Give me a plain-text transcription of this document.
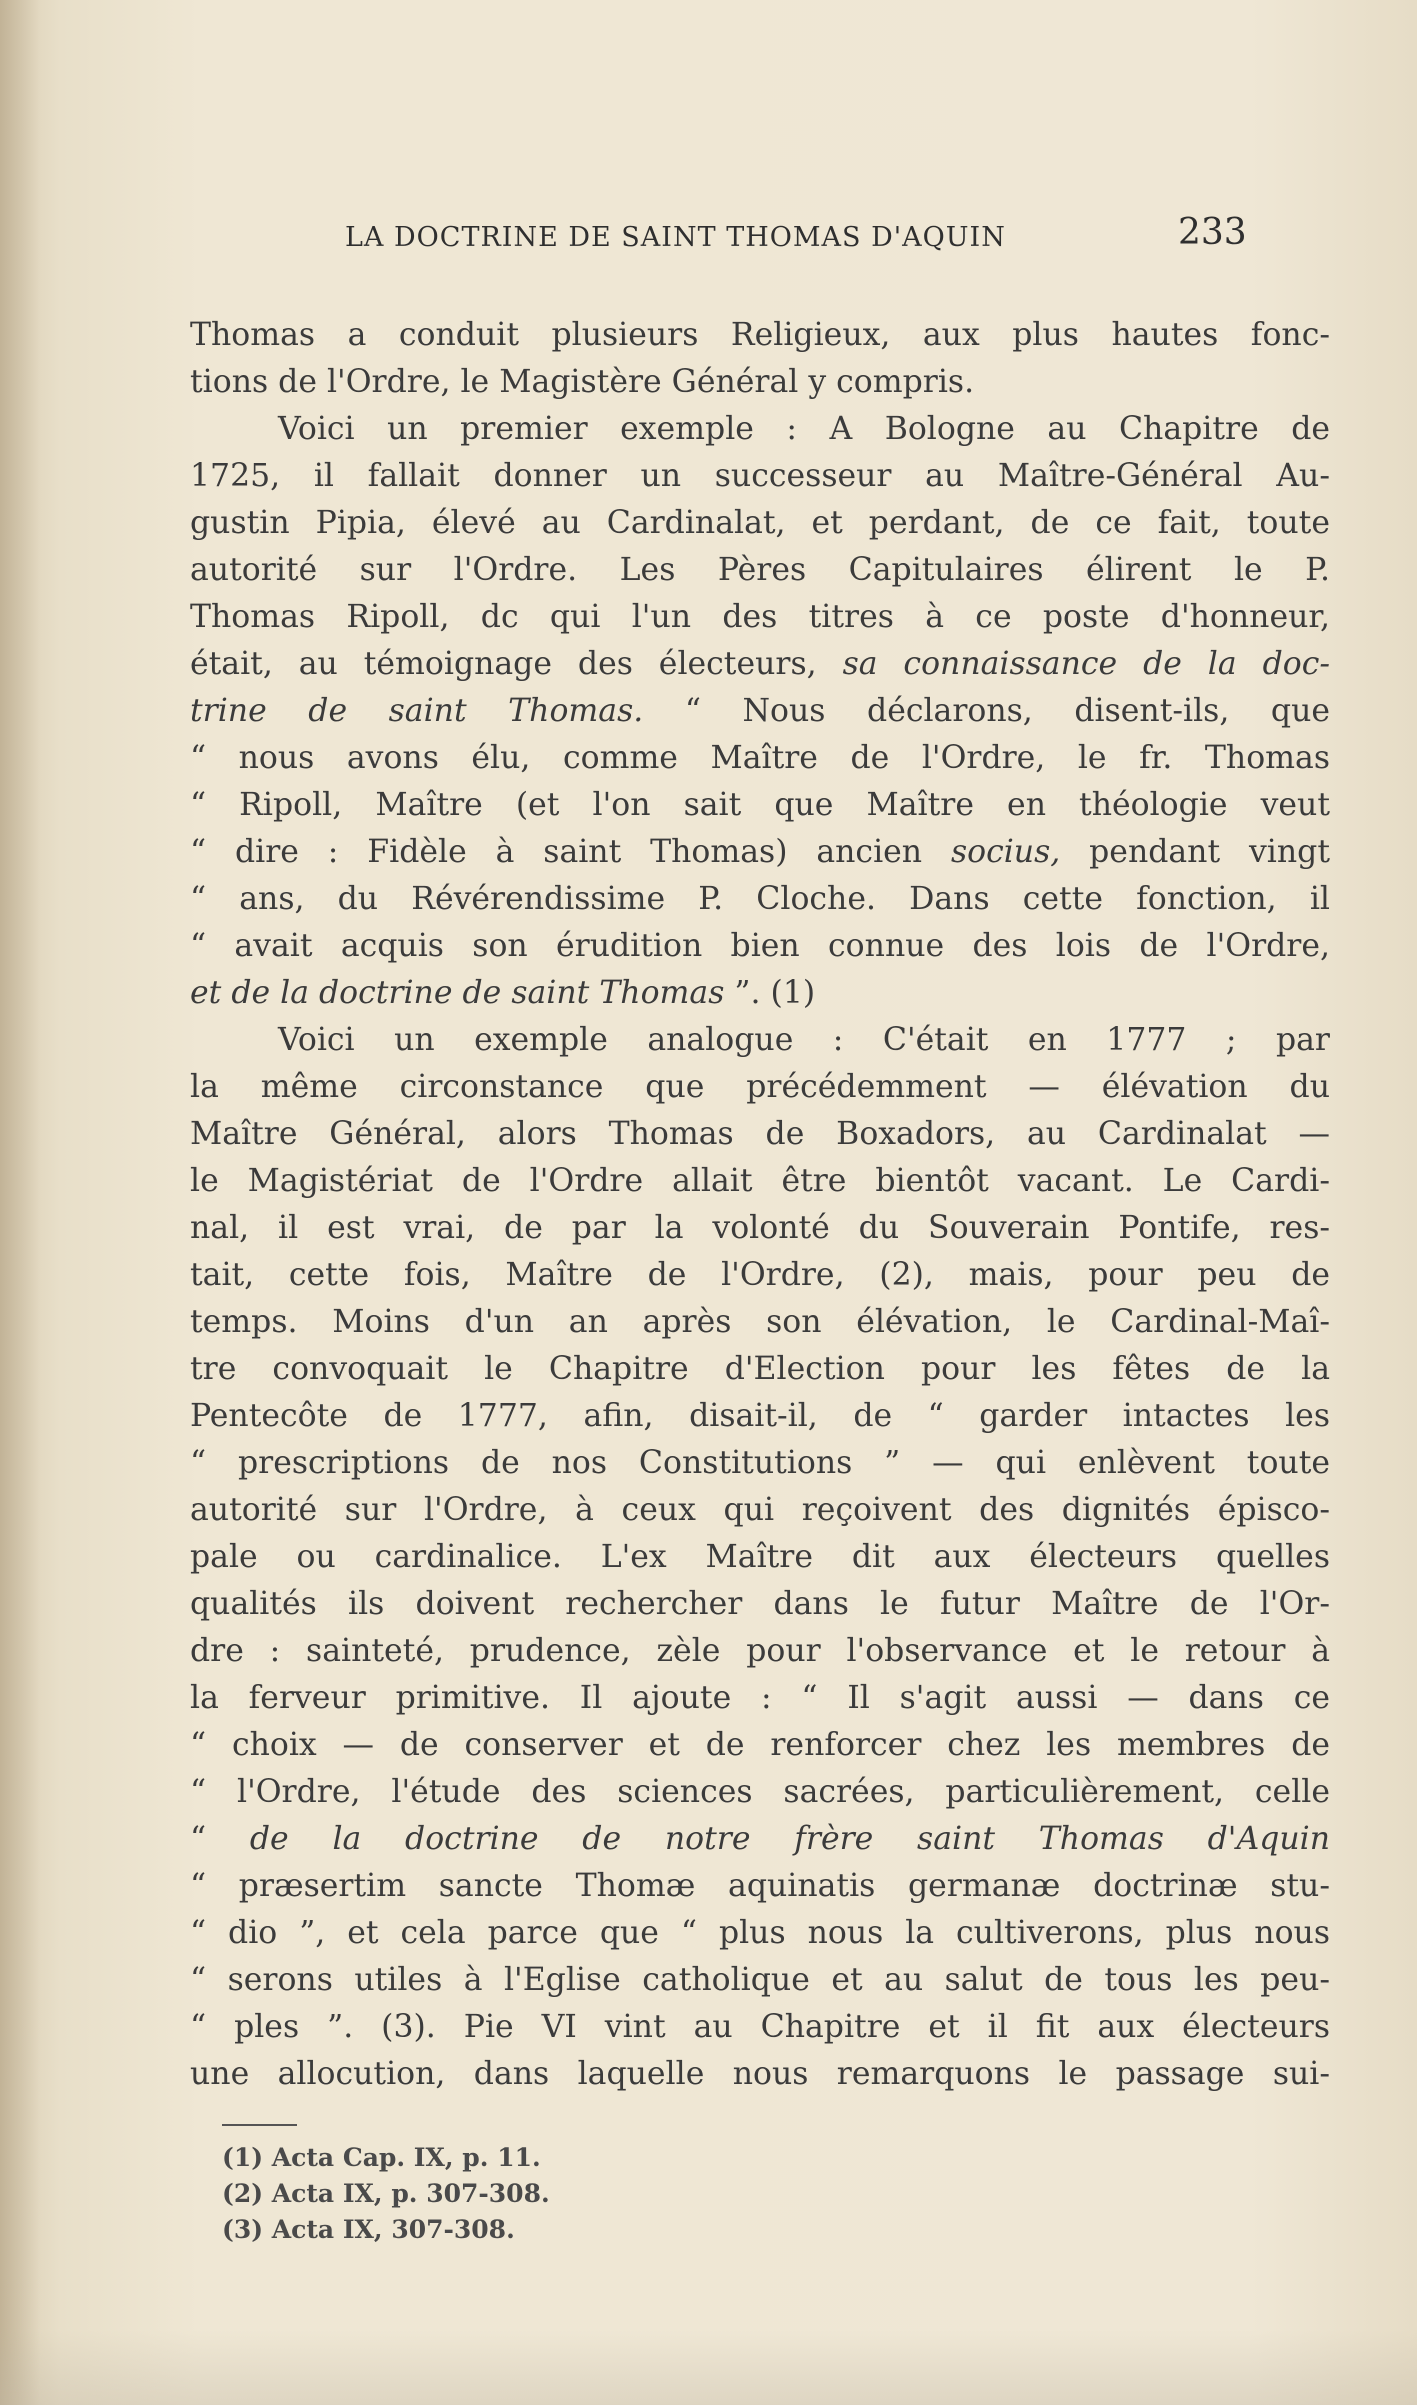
LA DOCTRINE DE SAINT THOMAS D'AQUIN	233
Thomas a conduit plusieurs Religieux, aux plus hautes fonc-
tions de l'Ordre, le Magistère Général y compris.
Voici un premier exemple : A Bologne au Chapitre de
1725, il fallait donner un successeur au Maître-Général Au-
gustin Pipia, élevé au Cardinalat, et perdant, de ce fait, toute
autorité sur l'Ordre. Les Pères Capitulaires élirent le P.
Thomas Ripoll, dc qui l'un des titres à ce poste d'honneur,
était, au témoignage des électeurs, sa connaissance de la doc-
trine de saint Thomas. “ Nous déclarons, disent-ils, que
“ nous avons élu, comme Maître de l'Ordre, le fr. Thomas
“ Ripoll, Maître (et l'on sait que Maître en théologie veut
“ dire : Fidèle à saint Thomas) ancien socius, pendant vingt
“ ans, du Révérendissime P. Cloche. Dans cette fonction, il
“ avait acquis son érudition bien connue des lois de l'Ordre,
et de la doctrine de saint Thomas ”. (1)
Voici un exemple analogue : C'était en 1777 ; par
la même circonstance que précédemment — élévation du
Maître Général, alors Thomas de Boxadors, au Cardinalat —
le Magistériat de l'Ordre allait être bientôt vacant. Le Cardi-
nal, il est vrai, de par la volonté du Souverain Pontife, res-
tait, cette fois, Maître de l'Ordre, (2), mais, pour peu de
temps. Moins d'un an après son élévation, le Cardinal-Maî-
tre convoquait le Chapitre d'Election pour les fêtes de la
Pentecôte de 1777, afin, disait-il, de “ garder intactes les
“ prescriptions de nos Constitutions ” — qui enlèvent toute
autorité sur l'Ordre, à ceux qui reçoivent des dignités épisco-
pale ou cardinalice. L'ex Maître dit aux électeurs quelles
qualités ils doivent rechercher dans le futur Maître de l'Or-
dre : sainteté, prudence, zèle pour l'observance et le retour à
la ferveur primitive. Il ajoute : “ Il s'agit aussi — dans ce
“ choix — de conserver et de renforcer chez les membres de
“ l'Ordre, l'étude des sciences sacrées, particulièrement, celle
“ de la doctrine de notre frère saint Thomas d'Aquin
“ præsertim sancte Thomæ aquinatis germanæ doctrinæ stu-
“ dio ”, et cela parce que “ plus nous la cultiverons, plus nous
“ serons utiles à l'Eglise catholique et au salut de tous les peu-
“ ples ”. (3). Pie VI vint au Chapitre et il fit aux électeurs
une allocution, dans laquelle nous remarquons le passage sui-
(1) Acta Cap. IX, p. 11.
(2) Acta IX, p. 307-308.
(3) Acta IX, 307-308.
